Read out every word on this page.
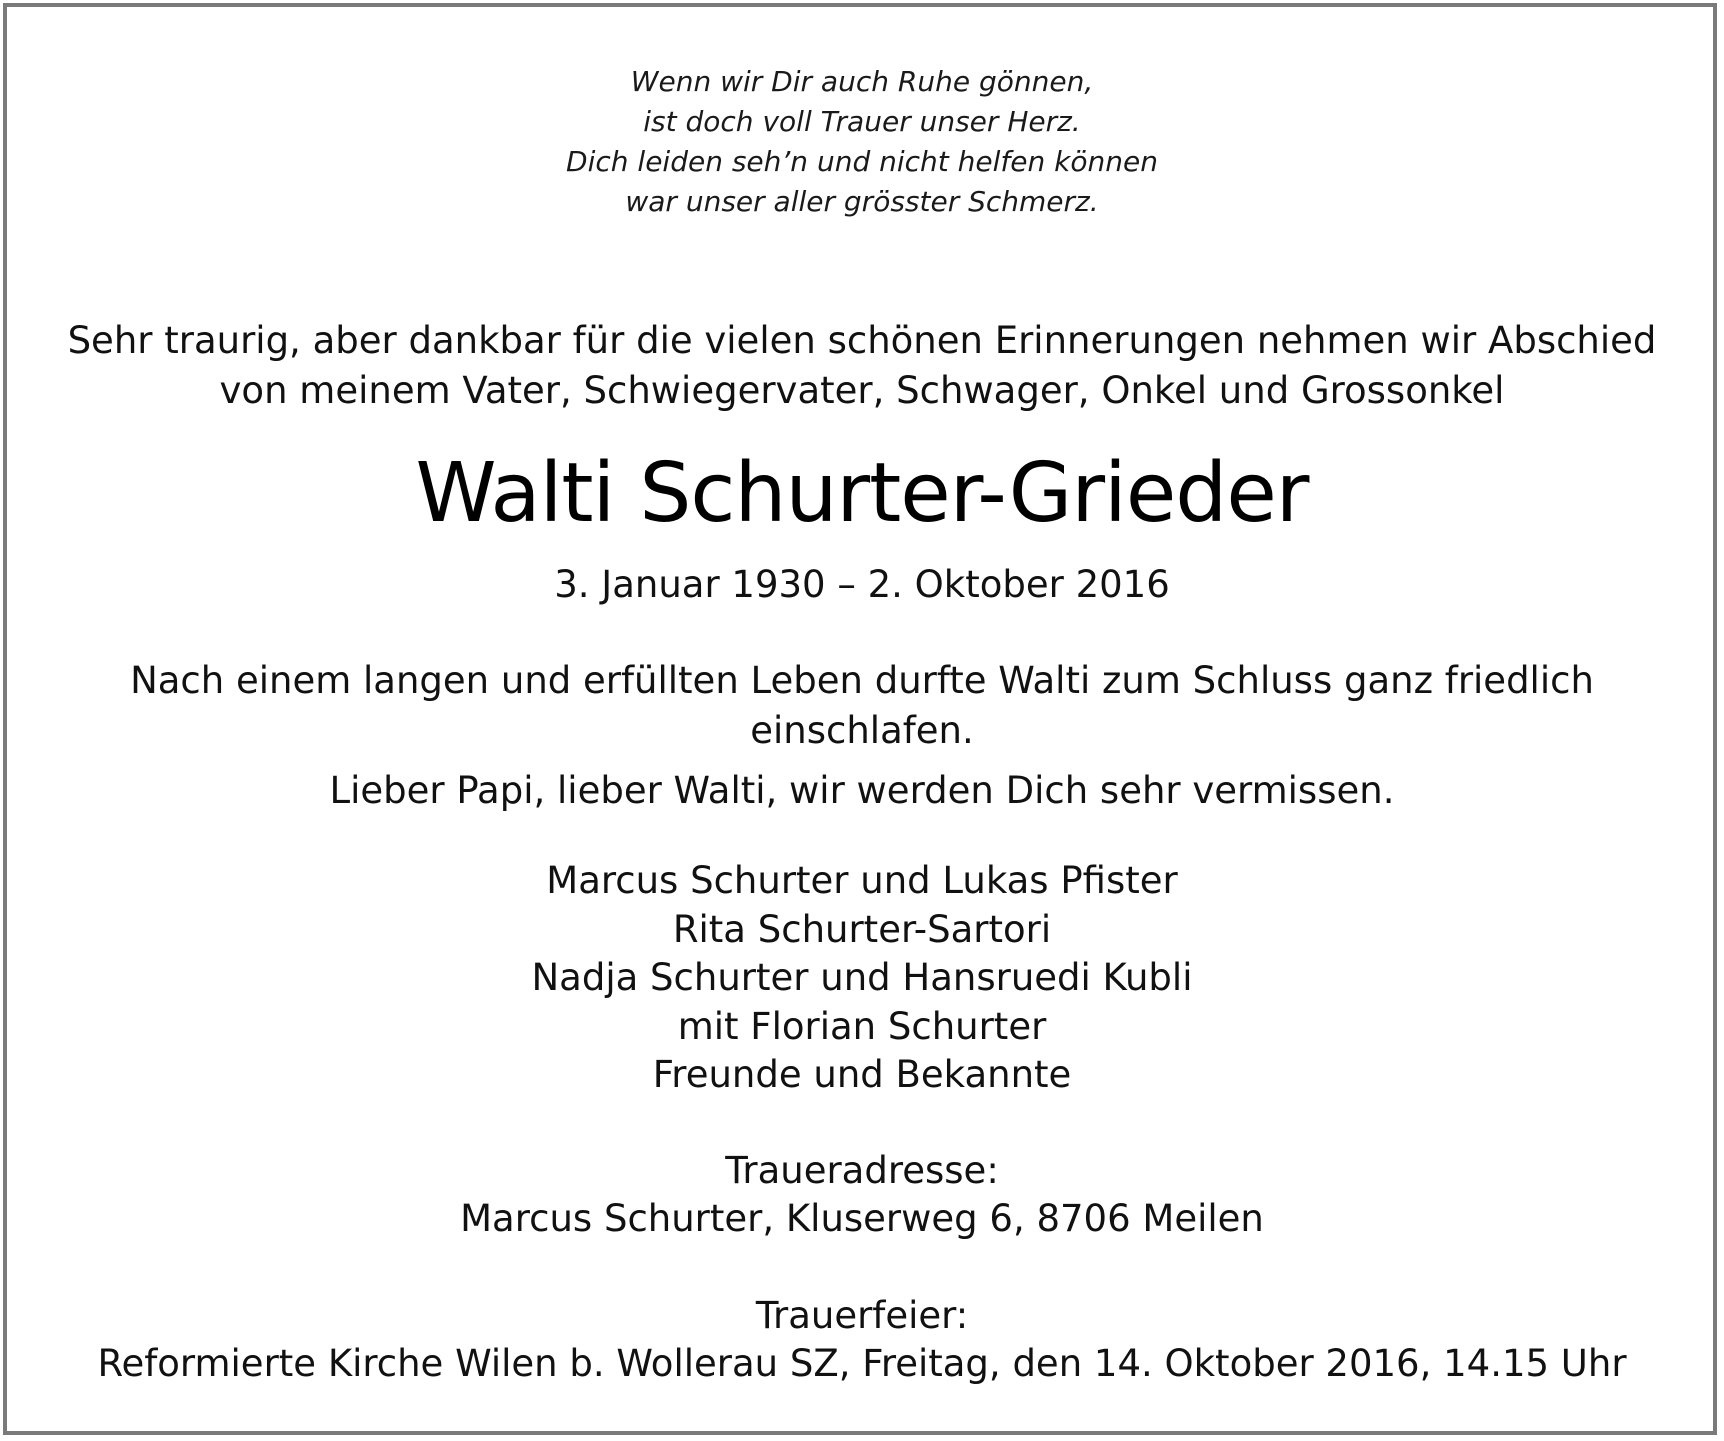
Wenn wir Dir auch Ruhe gönnen,
ist doch voll Trauer unser Herz.
Dich leiden seh’n und nicht helfen können
war unser aller grösster Schmerz.
Sehr traurig, aber dankbar für die vielen schönen Erinnerungen nehmen wir Abschied
von meinem Vater, Schwiegervater, Schwager, Onkel und Grossonkel
Walti Schurter-Grieder
3. Januar 1930 – 2. Oktober 2016
Nach einem langen und erfüllten Leben durfte Walti zum Schluss ganz friedlich
einschlafen.
Lieber Papi, lieber Walti, wir werden Dich sehr vermissen.
Marcus Schurter und Lukas Pfister
Rita Schurter-Sartori
Nadja Schurter und Hansruedi Kubli
mit Florian Schurter
Freunde und Bekannte
Traueradresse:
Marcus Schurter, Kluserweg 6, 8706 Meilen
Trauerfeier:
Reformierte Kirche Wilen b. Wollerau SZ, Freitag, den 14. Oktober 2016, 14.15 Uhr
